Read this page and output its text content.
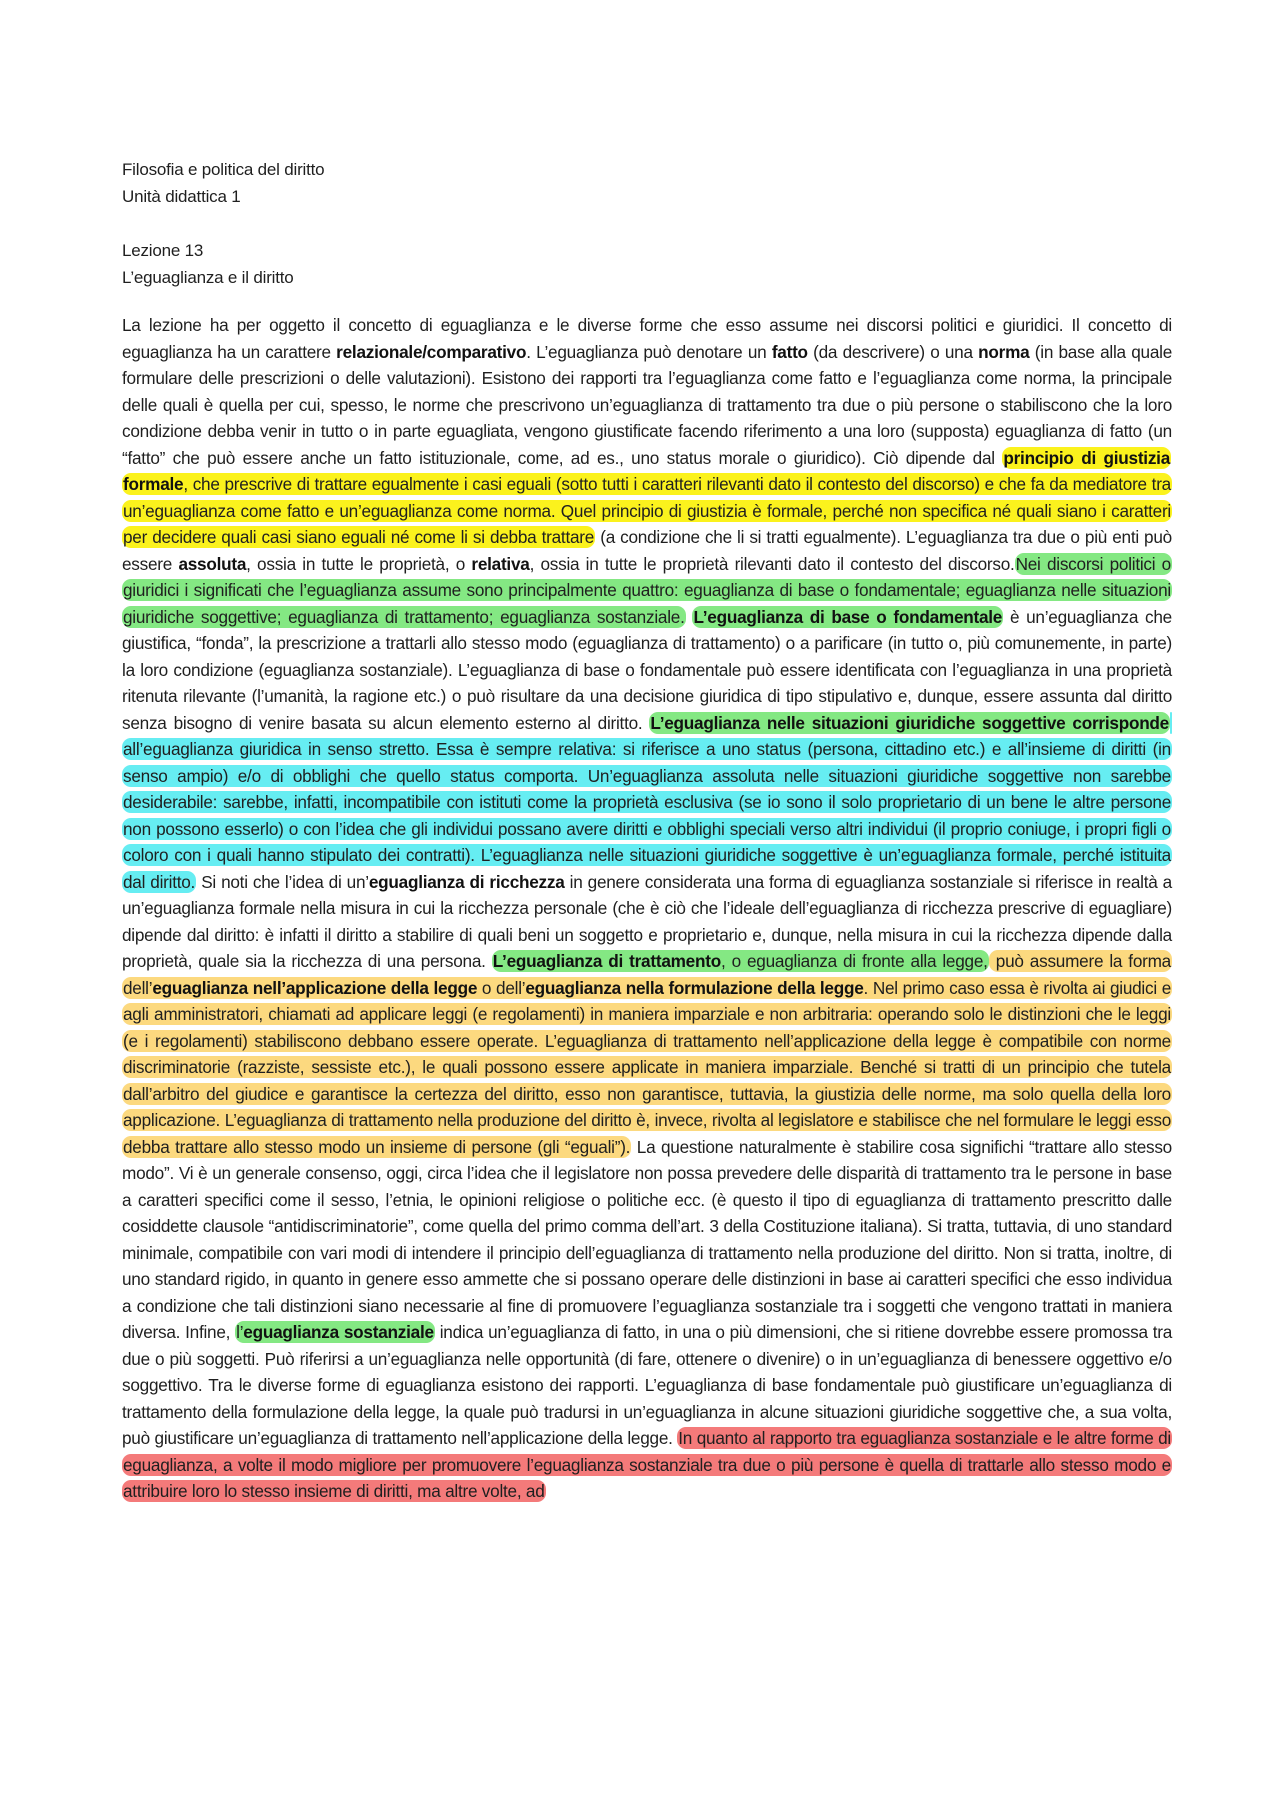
Filosofia e politica del diritto
Unità didattica 1
Lezione 13
L’eguaglianza e il diritto

La lezione ha per oggetto il concetto di eguaglianza e le diverse forme che esso assume nei discorsi politici e giuridici. Il concetto di eguaglianza ha un carattere relazionale/comparativo. L’eguaglianza può denotare un fatto (da descrivere) o una norma (in base alla quale formulare delle prescrizioni o delle valutazioni). Esistono dei rapporti tra l’eguaglianza come fatto e l’eguaglianza come norma, la principale delle quali è quella per cui, spesso, le norme che prescrivono un’eguaglianza di trattamento tra due o più persone o stabiliscono che la loro condizione debba venir in tutto o in parte eguagliata, vengono giustificate facendo riferimento a una loro (supposta) eguaglianza di fatto (un “fatto” che può essere anche un fatto istituzionale, come, ad es., uno status morale o giuridico). Ciò dipende dal principio di giustizia formale, che prescrive di trattare egualmente i casi eguali (sotto tutti i caratteri rilevanti dato il contesto del discorso) e che fa da mediatore tra un’eguaglianza come fatto e un’eguaglianza come norma. Quel principio di giustizia è formale, perché non specifica né quali siano i caratteri per decidere quali casi siano eguali né come li si debba trattare (a condizione che li si tratti egualmente). L’eguaglianza tra due o più enti può essere assoluta, ossia in tutte le proprietà, o relativa, ossia in tutte le proprietà rilevanti dato il contesto del discorso.Nei discorsi politici o giuridici i significati che l’eguaglianza assume sono principalmente quattro: eguaglianza di base o fondamentale; eguaglianza nelle situazioni giuridiche soggettive; eguaglianza di trattamento; eguaglianza sostanziale. L’eguaglianza di base o fondamentale è un’eguaglianza che giustifica, “fonda”, la prescrizione a trattarli allo stesso modo (eguaglianza di trattamento) o a parificare (in tutto o, più comunemente, in parte) la loro condizione (eguaglianza sostanziale). L’eguaglianza di base o fondamentale può essere identificata con l’eguaglianza in una proprietà ritenuta rilevante (l’umanità, la ragione etc.) o può risultare da una decisione giuridica di tipo stipulativo e, dunque, essere assunta dal diritto senza bisogno di venire basata su alcun elemento esterno al diritto. L’eguaglianza nelle situazioni giuridiche soggettive corrisponde all’eguaglianza giuridica in senso stretto. Essa è sempre relativa: si riferisce a uno status (persona, cittadino etc.) e all’insieme di diritti (in senso ampio) e/o di obblighi che quello status comporta. Un’eguaglianza assoluta nelle situazioni giuridiche soggettive non sarebbe desiderabile: sarebbe, infatti, incompatibile con istituti come la proprietà esclusiva (se io sono il solo proprietario di un bene le altre persone non possono esserlo) o con l’idea che gli individui possano avere diritti e obblighi speciali verso altri individui (il proprio coniuge, i propri figli o coloro con i quali hanno stipulato dei contratti). L’eguaglianza nelle situazioni giuridiche soggettive è un’eguaglianza formale, perché istituita dal diritto. Si noti che l’idea di un’eguaglianza di ricchezza in genere considerata una forma di eguaglianza sostanziale si riferisce in realtà a un’eguaglianza formale nella misura in cui la ricchezza personale (che è ciò che l’ideale dell’eguaglianza di ricchezza prescrive di eguagliare) dipende dal diritto: è infatti il diritto a stabilire di quali beni un soggetto e proprietario e, dunque, nella misura in cui la ricchezza dipende dalla proprietà, quale sia la ricchezza di una persona. L’eguaglianza di trattamento, o eguaglianza di fronte alla legge, può assumere la forma dell’eguaglianza nell’applicazione della legge o dell’eguaglianza nella formulazione della legge. Nel primo caso essa è rivolta ai giudici e agli amministratori, chiamati ad applicare leggi (e regolamenti) in maniera imparziale e non arbitraria: operando solo le distinzioni che le leggi (e i regolamenti) stabiliscono debbano essere operate. L’eguaglianza di trattamento nell’applicazione della legge è compatibile con norme discriminatorie (razziste, sessiste etc.), le quali possono essere applicate in maniera imparziale. Benché si tratti di un principio che tutela dall’arbitro del giudice e garantisce la certezza del diritto, esso non garantisce, tuttavia, la giustizia delle norme, ma solo quella della loro applicazione. L’eguaglianza di trattamento nella produzione del diritto è, invece, rivolta al legislatore e stabilisce che nel formulare le leggi esso debba trattare allo stesso modo un insieme di persone (gli “eguali”). La questione naturalmente è stabilire cosa significhi “trattare allo stesso modo”. Vi è un generale consenso, oggi, circa l’idea che il legislatore non possa prevedere delle disparità di trattamento tra le persone in base a caratteri specifici come il sesso, l’etnia, le opinioni religiose o politiche ecc. (è questo il tipo di eguaglianza di trattamento prescritto dalle cosiddette clausole “antidiscriminatorie”, come quella del primo comma dell’art. 3 della Costituzione italiana). Si tratta, tuttavia, di uno standard minimale, compatibile con vari modi di intendere il principio dell’eguaglianza di trattamento nella produzione del diritto. Non si tratta, inoltre, di uno standard rigido, in quanto in genere esso ammette che si possano operare delle distinzioni in base ai caratteri specifici che esso individua a condizione che tali distinzioni siano necessarie al fine di promuovere l’eguaglianza sostanziale tra i soggetti che vengono trattati in maniera diversa. Infine, l’eguaglianza sostanziale indica un’eguaglianza di fatto, in una o più dimensioni, che si ritiene dovrebbe essere promossa tra due o più soggetti. Può riferirsi a un’eguaglianza nelle opportunità (di fare, ottenere o divenire) o in un’eguaglianza di benessere oggettivo e/o soggettivo. Tra le diverse forme di eguaglianza esistono dei rapporti. L’eguaglianza di base fondamentale può giustificare un’eguaglianza di trattamento della formulazione della legge, la quale può tradursi in un’eguaglianza in alcune situazioni giuridiche soggettive che, a sua volta, può giustificare un’eguaglianza di trattamento nell’applicazione della legge. In quanto al rapporto tra eguaglianza sostanziale e le altre forme di eguaglianza, a volte il modo migliore per promuovere l’eguaglianza sostanziale tra due o più persone è quella di trattarle allo stesso modo e attribuire loro lo stesso insieme di diritti, ma altre volte, ad
